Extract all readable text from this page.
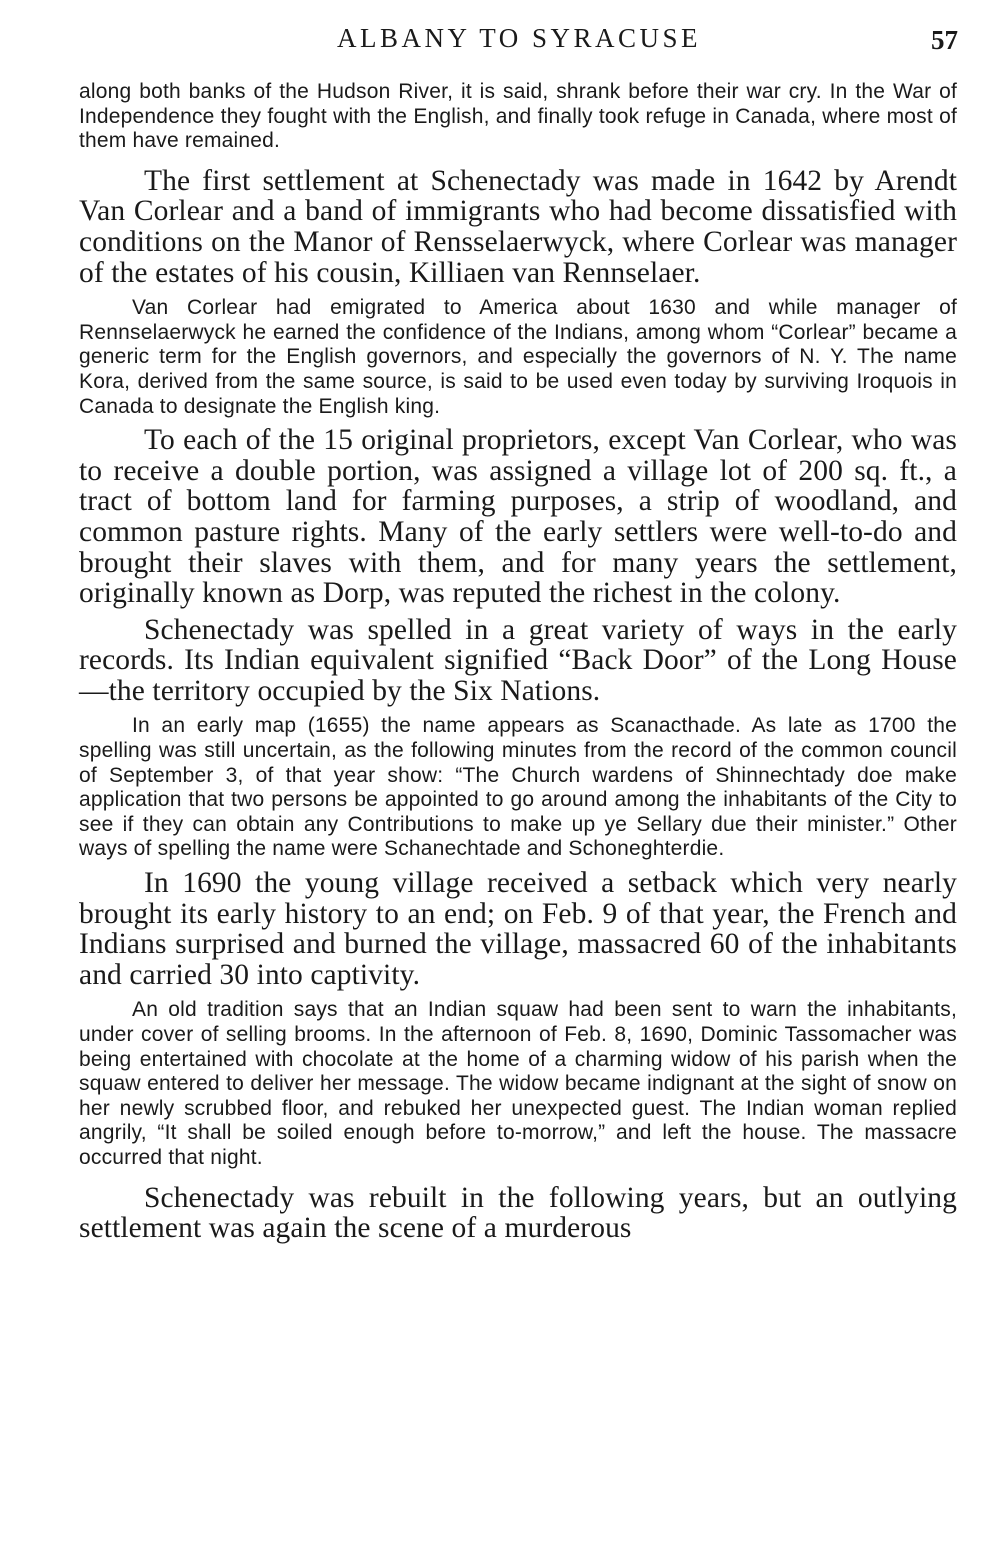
ALBANY TO SYRACUSE	57

along both banks of the Hudson River, it is said, shrank before their war cry. In the War of Independence they fought with the English, and finally took refuge in Canada, where most of them have remained.

The first settlement at Schenectady was made in 1642 by Arendt Van Corlear and a band of immigrants who had become dissatisfied with conditions on the Manor of Rensselaerwyck, where Corlear was manager of the estates of his cousin, Killiaen van Rennselaer.

Van Corlear had emigrated to America about 1630 and while manager of Rennselaerwyck he earned the confidence of the Indians, among whom “Corlear” became a generic term for the English governors, and especially the governors of N. Y. The name Kora, derived from the same source, is said to be used even today by surviving Iroquois in Canada to designate the English king.

To each of the 15 original proprietors, except Van Corlear, who was to receive a double portion, was assigned a village lot of 200 sq. ft., a tract of bottom land for farming purposes, a strip of woodland, and common pasture rights. Many of the early settlers were well-to-do and brought their slaves with them, and for many years the settlement, originally known as Dorp, was reputed the richest in the colony.

Schenectady was spelled in a great variety of ways in the early records. Its Indian equivalent signified “Back Door” of the Long House—the territory occupied by the Six Nations.

In an early map (1655) the name appears as Scanacthade. As late as 1700 the spelling was still uncertain, as the following minutes from the record of the common council of September 3, of that year show: “The Church wardens of Shinnechtady doe make application that two persons be appointed to go around among the inhabitants of the City to see if they can obtain any Contributions to make up ye Sellary due their minister.” Other ways of spelling the name were Schanechtade and Schoneghterdie.

In 1690 the young village received a setback which very nearly brought its early history to an end; on Feb. 9 of that year, the French and Indians surprised and burned the village, massacred 60 of the inhabitants and carried 30 into captivity.

An old tradition says that an Indian squaw had been sent to warn the inhabitants, under cover of selling brooms. In the afternoon of Feb. 8, 1690, Dominic Tassomacher was being entertained with chocolate at the home of a charming widow of his parish when the squaw entered to deliver her message. The widow became indignant at the sight of snow on her newly scrubbed floor, and rebuked her unexpected guest. The Indian woman replied angrily, “It shall be soiled enough before to-morrow,” and left the house. The massacre occurred that night.

Schenectady was rebuilt in the following years, but an outlying settlement was again the scene of a murderous
